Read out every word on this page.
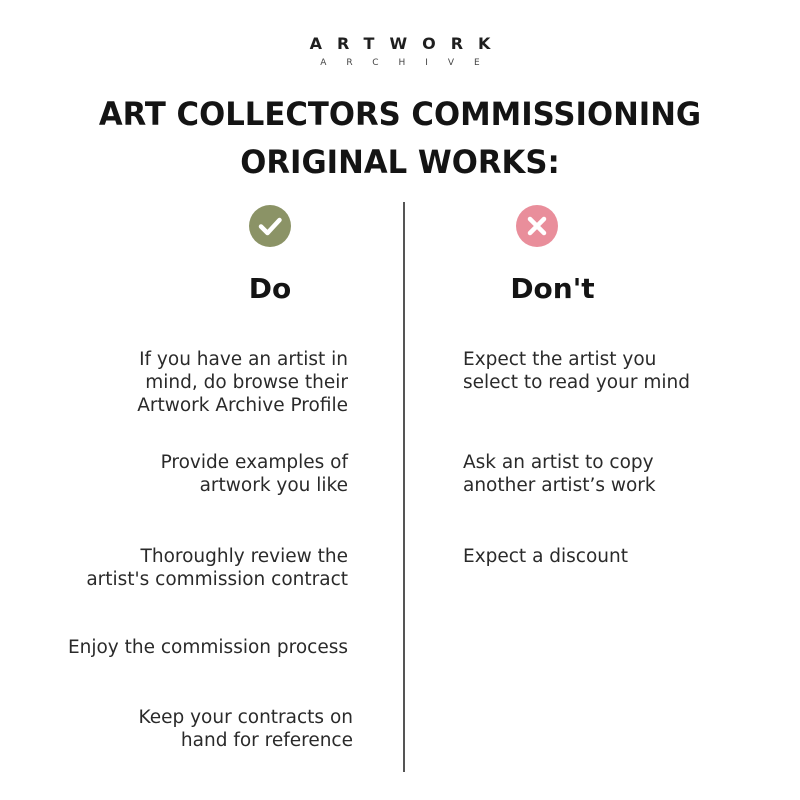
ARTWORK
ARCHIVE
ART COLLECTORS COMMISSIONING
ORIGINAL WORKS:
Do	Don't
If you have an artist in
mind, do browse their
Artwork Archive Profile
Provide examples of
artwork you like
Thoroughly review the
artist's commission contract
Enjoy the commission process
Keep your contracts on
hand for reference
Expect the artist you
select to read your mind
Ask an artist to copy
another artist’s work
Expect a discount
